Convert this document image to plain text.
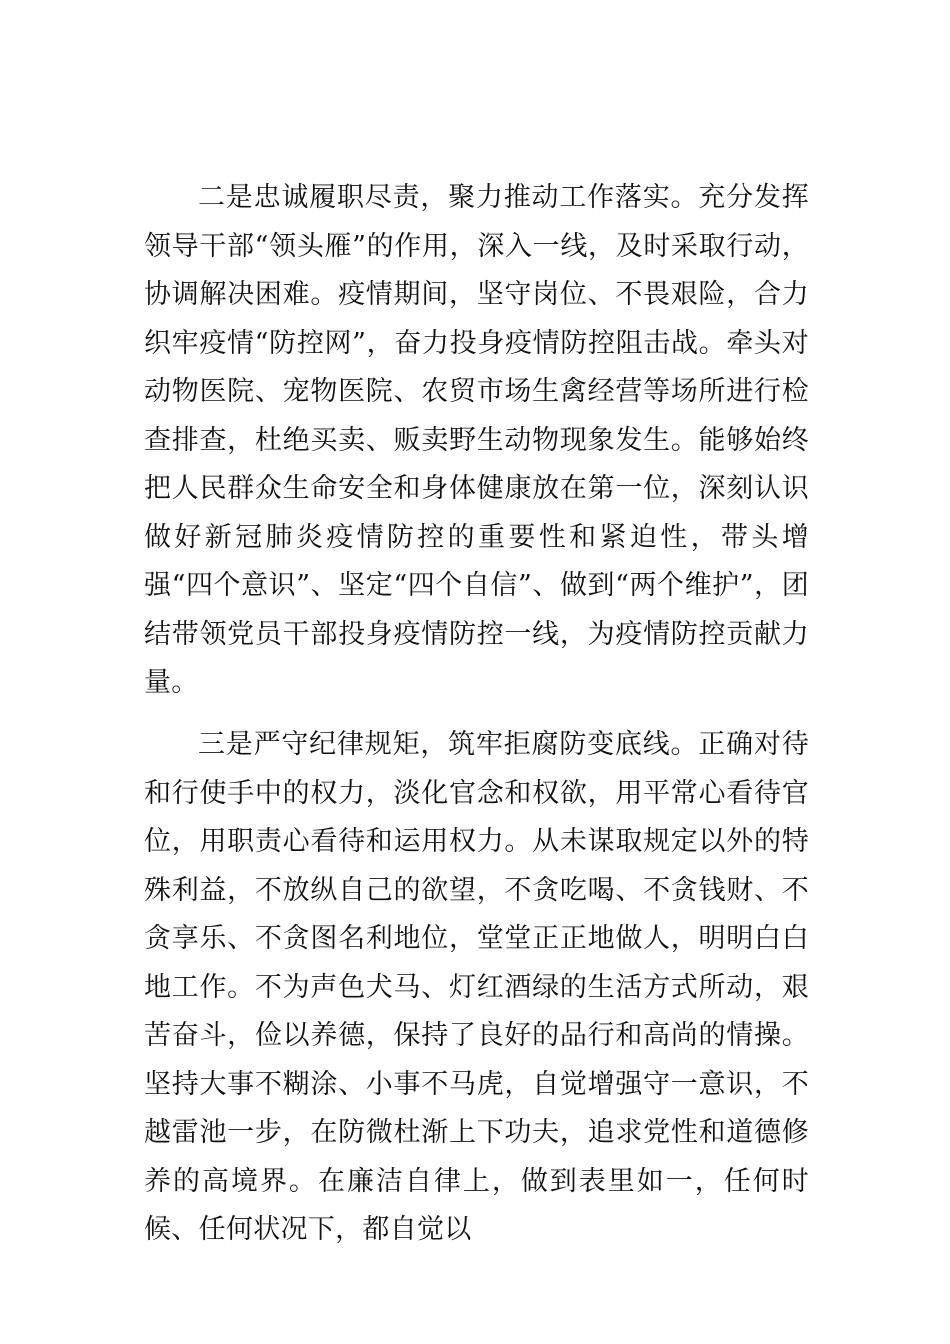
二是忠诚履职尽责，聚力推动工作落实。充分发挥领导干部“领头雁”的作用，深入一线，及时采取行动，协调解决困难。疫情期间，坚守岗位、不畏艰险，合力织牢疫情“防控网”，奋力投身疫情防控阻击战。牵头对动物医院、宠物医院、农贸市场生禽经营等场所进行检查排查，杜绝买卖、贩卖野生动物现象发生。能够始终把人民群众生命安全和身体健康放在第一位，深刻认识做好新冠肺炎疫情防控的重要性和紧迫性，带头增强“四个意识”、坚定“四个自信”、做到“两个维护”，团结带领党员干部投身疫情防控一线，为疫情防控贡献力量。

三是严守纪律规矩，筑牢拒腐防变底线。正确对待和行使手中的权力，淡化官念和权欲，用平常心看待官位，用职责心看待和运用权力。从未谋取规定以外的特殊利益，不放纵自己的欲望，不贪吃喝、不贪钱财、不贪享乐、不贪图名利地位，堂堂正正地做人，明明白白地工作。不为声色犬马、灯红酒绿的生活方式所动，艰苦奋斗，俭以养德，保持了良好的品行和高尚的情操。坚持大事不糊涂、小事不马虎，自觉增强守一意识，不越雷池一步，在防微杜渐上下功夫，追求党性和道德修养的高境界。在廉洁自律上，做到表里如一，任何时候、任何状况下，都自觉以
